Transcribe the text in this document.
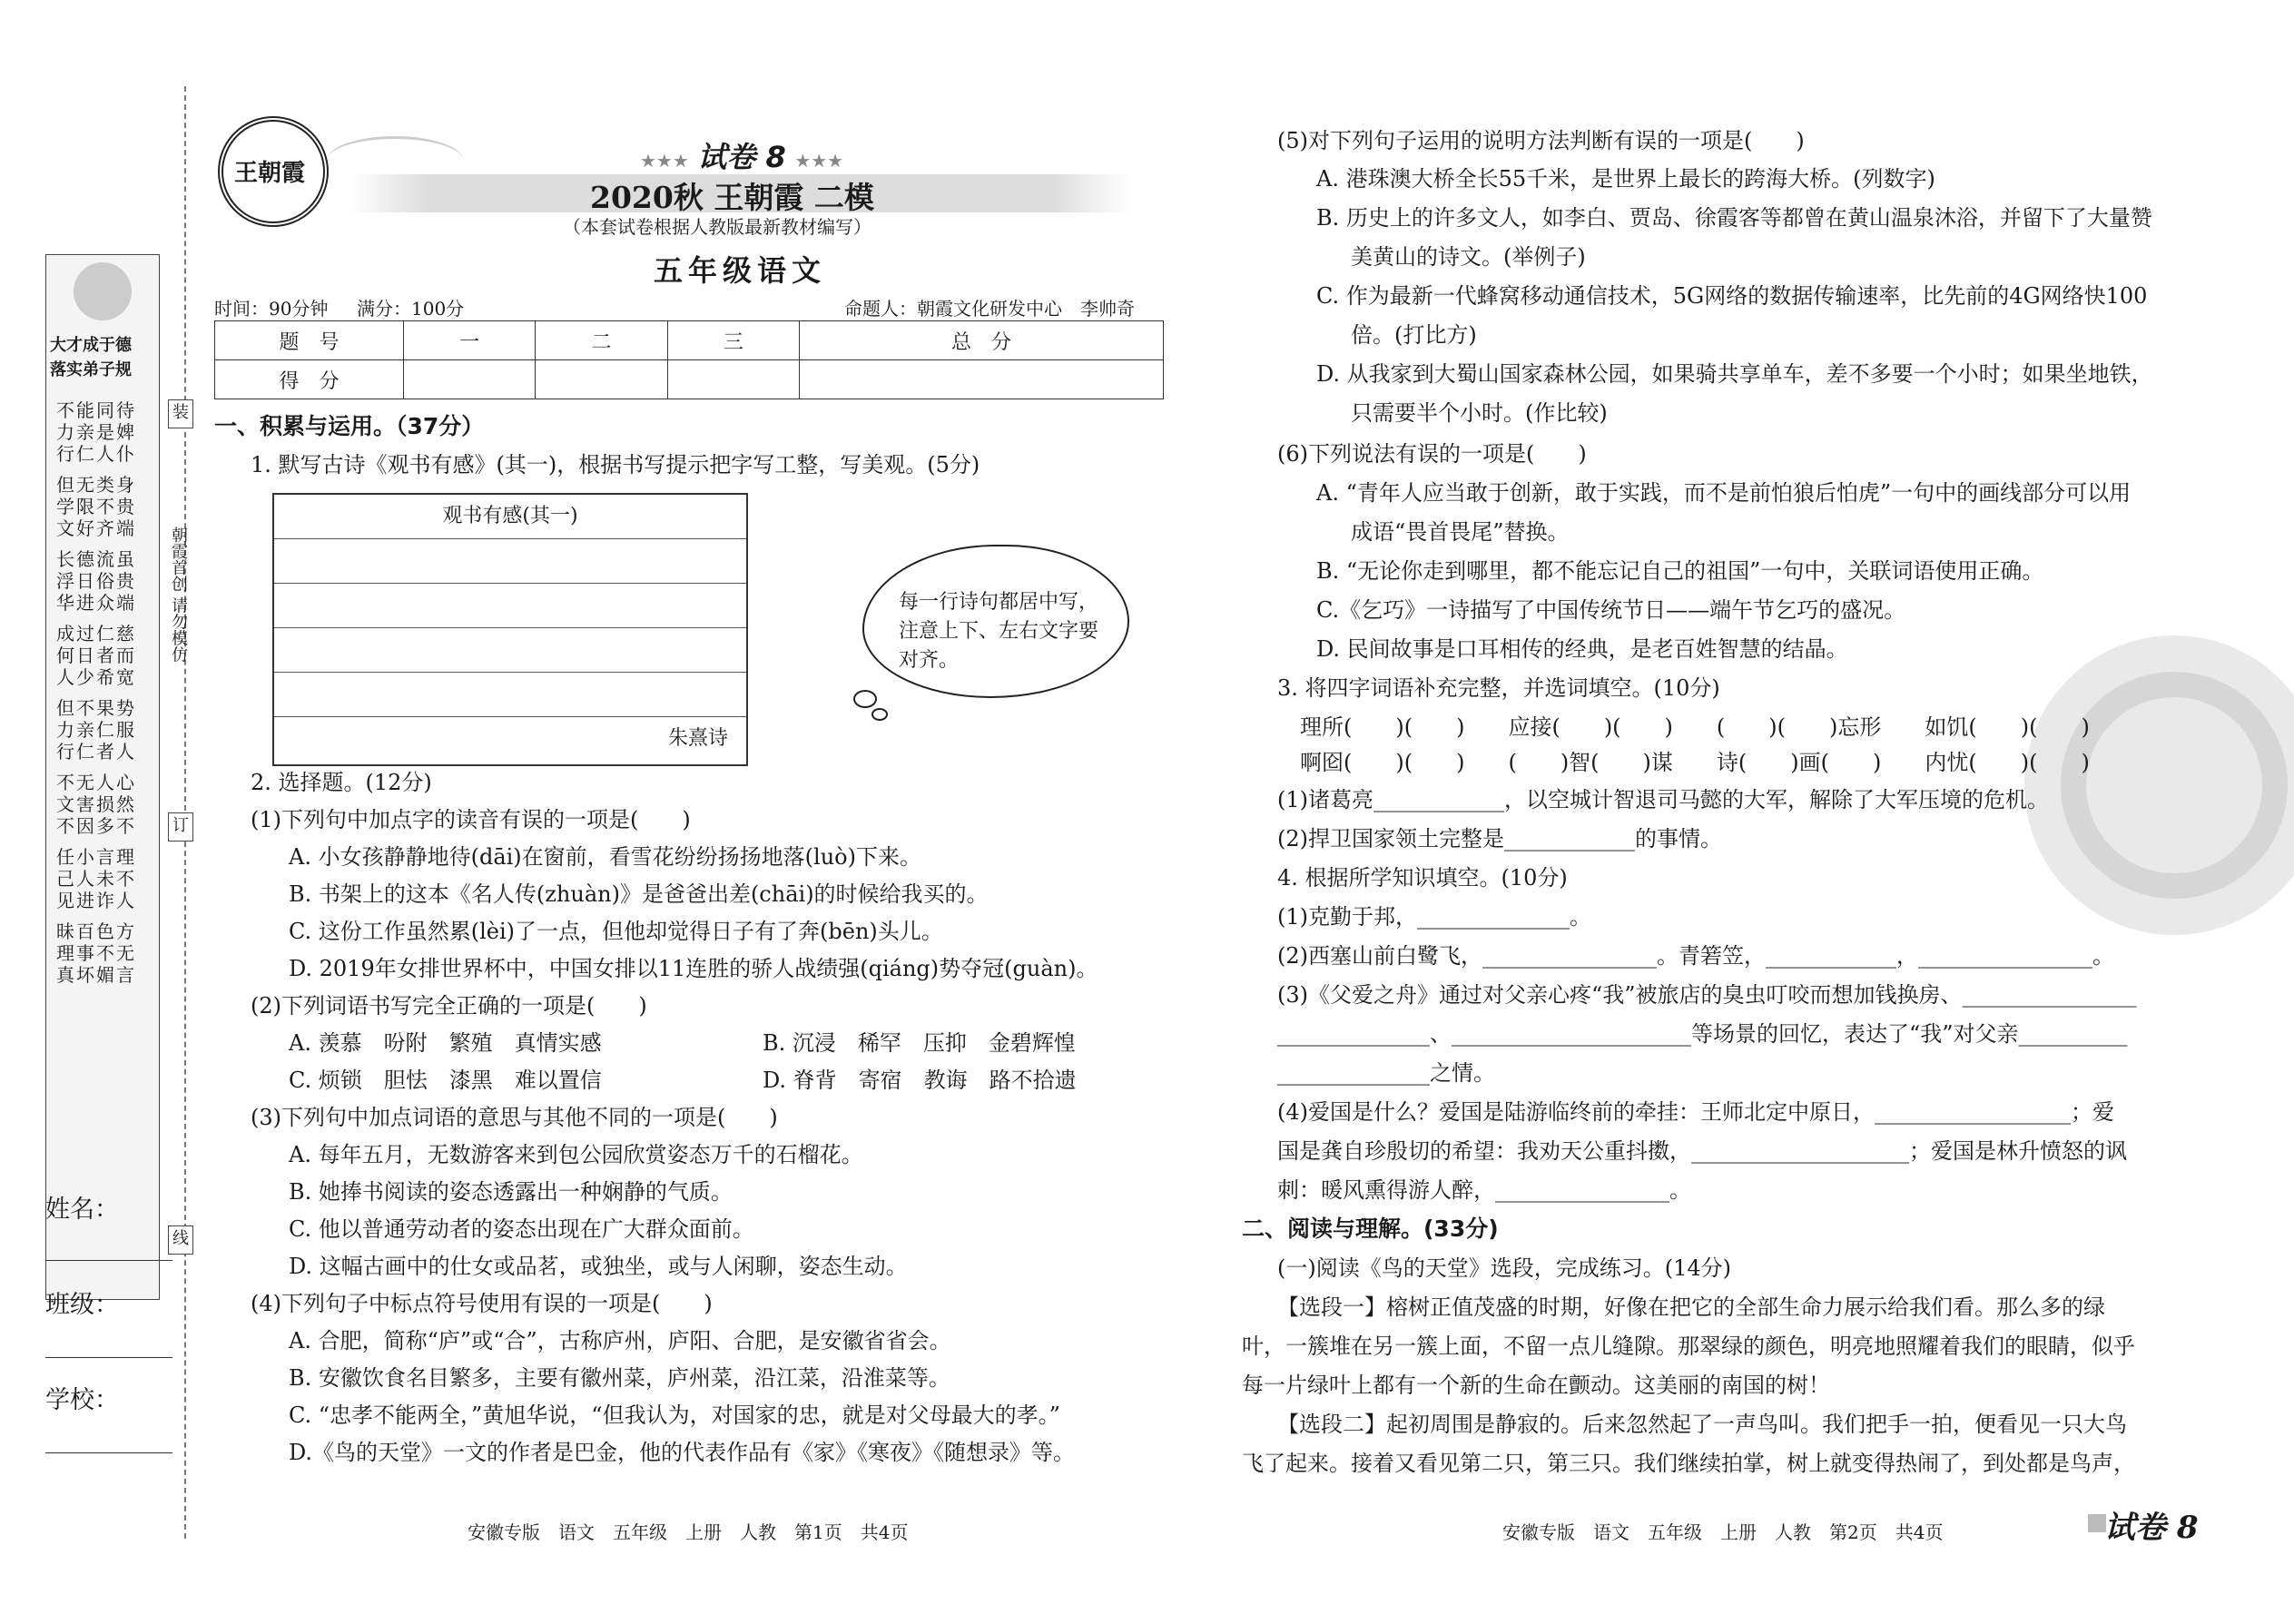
装
订
线
朝霞首创 请勿模仿
大才成于德
落实弟子规
不能同待
力亲是婢
行仁人仆
但无类身
学限不贵
文好齐端
长德流虽
浮日俗贵
华进众端
成过仁慈
何日者而
人少希宽
但不果势
力亲仁服
行仁者人
不无人心
文害损然
不因多不
任小言理
己人未不
见进诈人
昧百色方
理事不无
真坏媚言
姓名：
班级：
学校：
王朝霞	★★★ 试卷 8 ★★★
2020秋 王朝霞 二模
（本套试卷根据人教版最新教材编写）
五年级语文
时间：90分钟 满分：100分	命题人：朝霞文化研发中心　李帅奇
题　号	一	二	三	总　分
得　分				
一、积累与运用。（37分）
1. 默写古诗《观书有感》(其一)，根据书写提示把字写工整，写美观。(5分)
观书有感(其一)
朱熹诗
每一行诗句都居中写，注意上下、左右文字要对齐。
2. 选择题。(12分)
(1)下列句中加点字的读音有误的一项是(　　)
A. 小女孩静静地待(dāi)在窗前，看雪花纷纷扬扬地落(luò)下来。
B. 书架上的这本《名人传(zhuàn)》是爸爸出差(chāi)的时候给我买的。
C. 这份工作虽然累(lèi)了一点，但他却觉得日子有了奔(bēn)头儿。
D. 2019年女排世界杯中，中国女排以11连胜的骄人战绩强(qiáng)势夺冠(guàn)。
(2)下列词语书写完全正确的一项是(　　)
A. 羡慕　吩附　繁殖　真情实感	B. 沉浸　稀罕　压抑　金碧辉惶
C. 烦锁　胆怯　漆黑　难以置信	D. 脊背　寄宿　教诲　路不拾遗
(3)下列句中加点词语的意思与其他不同的一项是(　　)
A. 每年五月，无数游客来到包公园欣赏姿态万千的石榴花。
B. 她捧书阅读的姿态透露出一种娴静的气质。
C. 他以普通劳动者的姿态出现在广大群众面前。
D. 这幅古画中的仕女或品茗，或独坐，或与人闲聊，姿态生动。
(4)下列句子中标点符号使用有误的一项是(　　)
A. 合肥，简称“庐”或“合”，古称庐州，庐阳、合肥，是安徽省省会。
B. 安徽饮食名目繁多，主要有徽州菜，庐州菜，沿江菜，沿淮菜等。
C. “忠孝不能两全，”黄旭华说，“但我认为，对国家的忠，就是对父母最大的孝。”
D.《鸟的天堂》一文的作者是巴金，他的代表作品有《家》《寒夜》《随想录》等。
安徽专版　语文　五年级　上册　人教　第1页　共4页
(5)对下列句子运用的说明方法判断有误的一项是(　　)
A. 港珠澳大桥全长55千米，是世界上最长的跨海大桥。(列数字)
B. 历史上的许多文人，如李白、贾岛、徐霞客等都曾在黄山温泉沐浴，并留下了大量赞
美黄山的诗文。(举例子)
C. 作为最新一代蜂窝移动通信技术，5G网络的数据传输速率，比先前的4G网络快100
倍。(打比方)
D. 从我家到大蜀山国家森林公园，如果骑共享单车，差不多要一个小时；如果坐地铁，
只需要半个小时。(作比较)
(6)下列说法有误的一项是(　　)
A. “青年人应当敢于创新，敢于实践，而不是前怕狼后怕虎”一句中的画线部分可以用
成语“畏首畏尾”替换。
B. “无论你走到哪里，都不能忘记自己的祖国”一句中，关联词语使用正确。
C.《乞巧》一诗描写了中国传统节日——端午节乞巧的盛况。
D. 民间故事是口耳相传的经典，是老百姓智慧的结晶。
3. 将四字词语补充完整，并选词填空。(10分)
理所(　　)(　　)　　应接(　　)(　　)　　(　　)(　　)忘形　　如饥(　　)(　　)
啊囵(　　)(　　)　　(　　)智(　　)谋　　诗(　　)画(　　)　　内忧(　　)(　　)
(1)诸葛亮____________，以空城计智退司马懿的大军，解除了大军压境的危机。
(2)捍卫国家领土完整是____________的事情。
4. 根据所学知识填空。(10分)
(1)克勤于邦，______________。
(2)西塞山前白鹭飞，________________。青箬笠，____________，________________。
(3)《父爱之舟》通过对父亲心疼“我”被旅店的臭虫叮咬而想加钱换房、________________
______________、______________________等场景的回忆，表达了“我”对父亲__________
______________之情。
(4)爱国是什么？爱国是陆游临终前的牵挂：王师北定中原日，__________________；爱
国是龚自珍殷切的希望：我劝天公重抖擞，____________________；爱国是林升愤怒的讽
刺：暖风熏得游人醉，________________。
二、阅读与理解。(33分)
(一)阅读《鸟的天堂》选段，完成练习。(14分)
【选段一】榕树正值茂盛的时期，好像在把它的全部生命力展示给我们看。那么多的绿
叶，一簇堆在另一簇上面，不留一点儿缝隙。那翠绿的颜色，明亮地照耀着我们的眼睛，似乎
每一片绿叶上都有一个新的生命在颤动。这美丽的南国的树！
【选段二】起初周围是静寂的。后来忽然起了一声鸟叫。我们把手一拍，便看见一只大鸟
飞了起来。接着又看见第二只，第三只。我们继续拍掌，树上就变得热闹了，到处都是鸟声，
安徽专版　语文　五年级　上册　人教　第2页　共4页	试卷 8
